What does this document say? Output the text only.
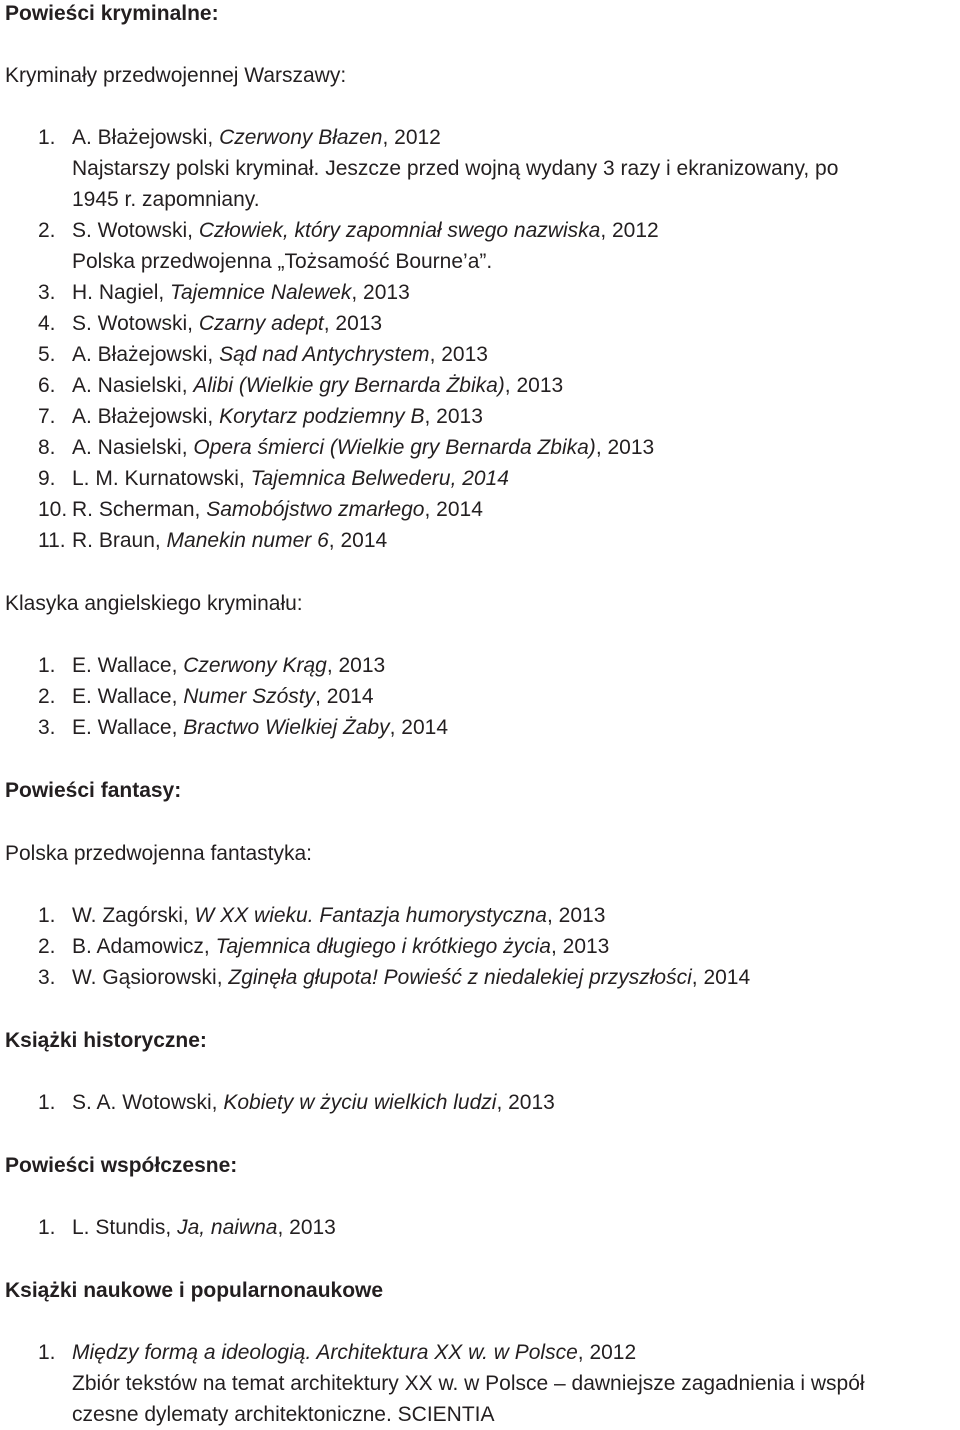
Powieści kryminalne:
Kryminały przedwojennej Warszawy:
1. A. Błażejowski, Czerwony Błazen, 2012
Najstarszy polski kryminał. Jeszcze przed wojną wydany 3 razy i ekranizowany, po
1945 r. zapomniany.
2. S. Wotowski, Człowiek, który zapomniał swego nazwiska, 2012
Polska przedwojenna „Tożsamość Bourne’a”.
3. H. Nagiel, Tajemnice Nalewek, 2013
4. S. Wotowski, Czarny adept, 2013
5. A. Błażejowski, Sąd nad Antychrystem, 2013
6. A. Nasielski, Alibi (Wielkie gry Bernarda Żbika), 2013
7. A. Błażejowski, Korytarz podziemny B, 2013
8. A. Nasielski, Opera śmierci (Wielkie gry Bernarda Zbika), 2013
9. L. M. Kurnatowski, Tajemnica Belwederu, 2014
10. R. Scherman, Samobójstwo zmarłego, 2014
11. R. Braun, Manekin numer 6, 2014
Klasyka angielskiego kryminału:
1. E. Wallace, Czerwony Krąg, 2013
2. E. Wallace, Numer Szósty, 2014
3. E. Wallace, Bractwo Wielkiej Żaby, 2014
Powieści fantasy:
Polska przedwojenna fantastyka:
1. W. Zagórski, W XX wieku. Fantazja humorystyczna, 2013
2. B. Adamowicz, Tajemnica długiego i krótkiego życia, 2013
3. W. Gąsiorowski, Zginęła głupota! Powieść z niedalekiej przyszłości, 2014
Książki historyczne:
1. S. A. Wotowski, Kobiety w życiu wielkich ludzi, 2013
Powieści współczesne:
1. L. Stundis, Ja, naiwna, 2013
Książki naukowe i popularnonaukowe
1. Między formą a ideologią. Architektura XX w. w Polsce, 2012
Zbiór tekstów na temat architektury XX w. w Polsce – dawniejsze zagadnienia i współ
czesne dylematy architektoniczne. SCIENTIA
